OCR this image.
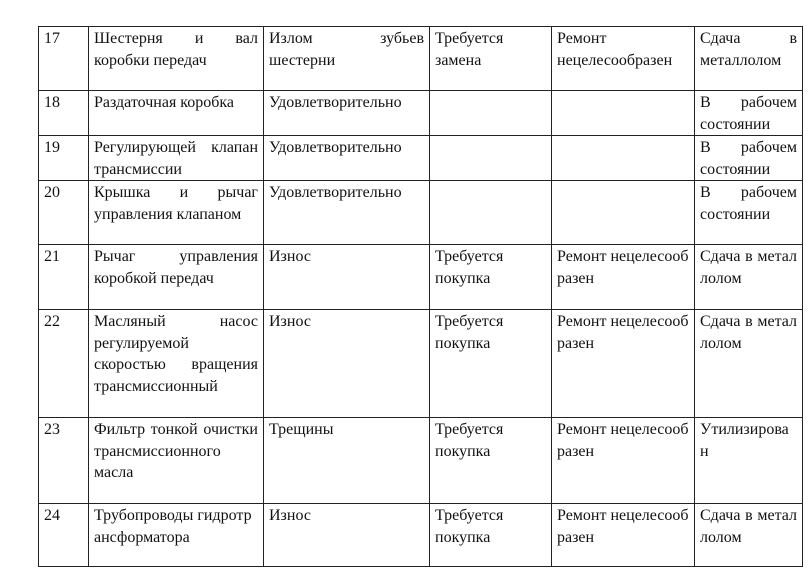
17	Шестерня и вал коробки передач	Излом зубьев шестерни	Требуется замена	Ремонт нецелесообразен	Сдача в металлолом
18	Раздаточная коробка	Удовлетворительно			В рабочем состоянии
19	Регулирующей клапан трансмиссии	Удовлетворительно			В рабочем состоянии
20	Крышка и рычаг управления клапаном	Удовлетворительно			В рабочем состоянии
21	Рычаг управления коробкой передач	Износ	Требуется покупка	Ремонт нецелесообразен	Сдача в металлолом
22	Масляный насос регулируемой скоростью вращения трансмиссионный	Износ	Требуется покупка	Ремонт нецелесообразен	Сдача в металлолом
23	Фильтр тонкой очистки трансмиссионного масла	Трещины	Требуется покупка	Ремонт нецелесообразен	Утилизирован
24	Трубопроводы гидротрансформатора	Износ	Требуется покупка	Ремонт нецелесообразен	Сдача в металлолом
